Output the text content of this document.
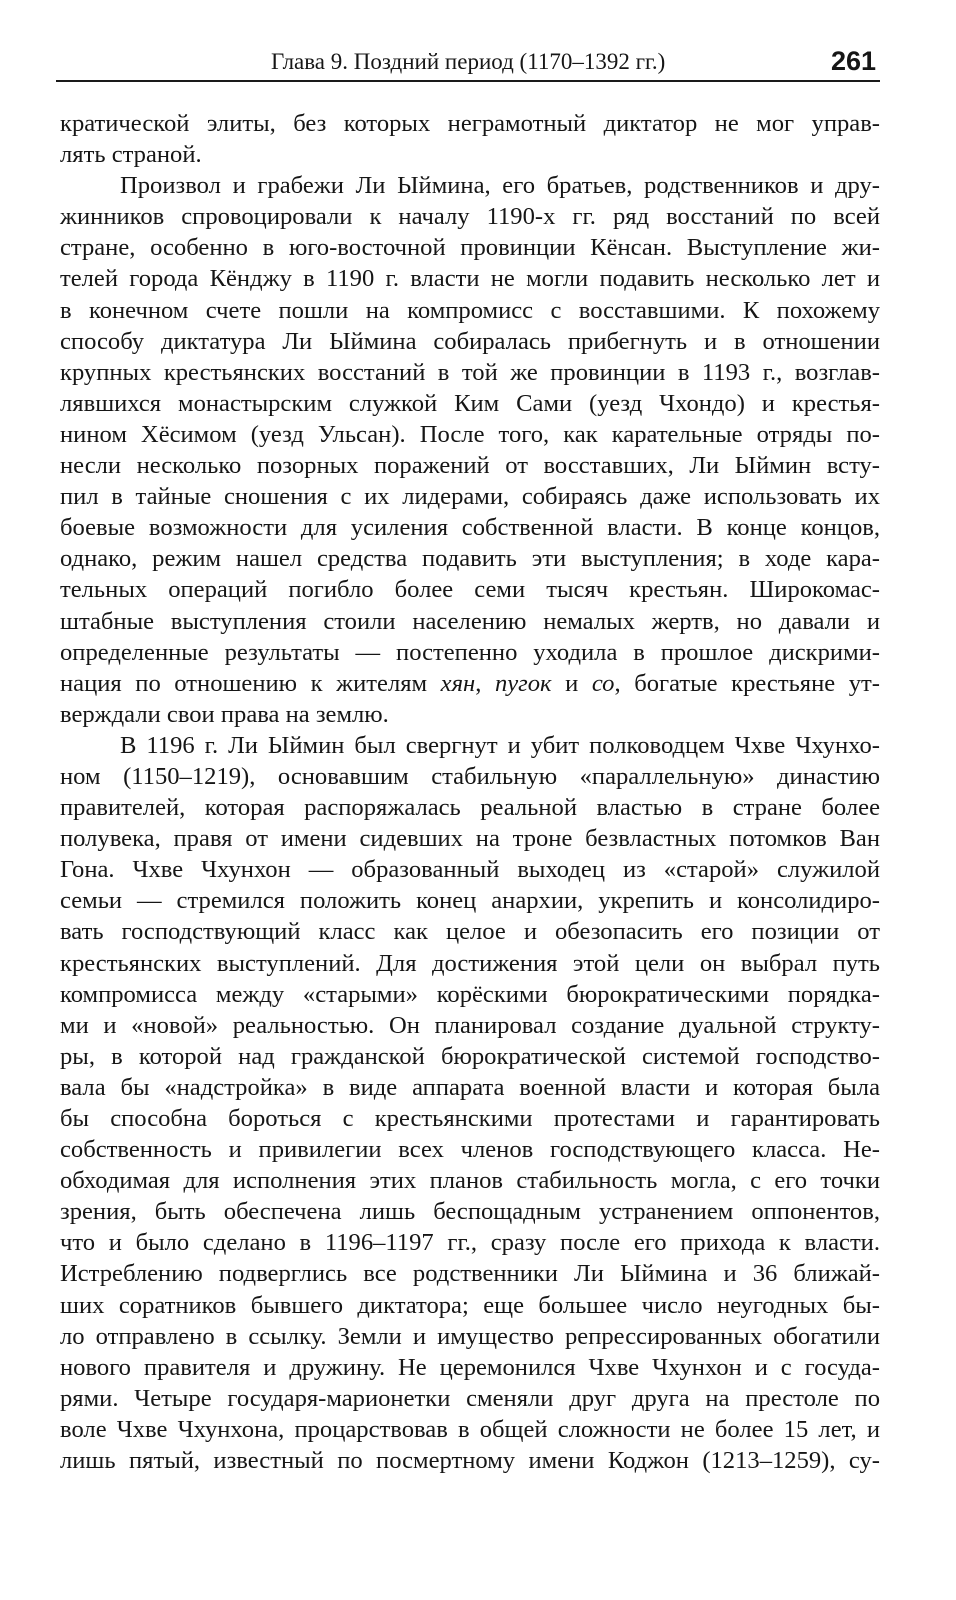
Глава 9. Поздний период (1170–1392 гг.)	261
кратической элиты, без которых неграмотный диктатор не мог управ-
лять страной.
Произвол и грабежи Ли Ыймина, его братьев, родственников и дру-
жинников спровоцировали к началу 1190-х гг. ряд восстаний по всей
стране, особенно в юго-восточной провинции Кёнсан. Выступление жи-
телей города Кёнджу в 1190 г. власти не могли подавить несколько лет и
в конечном счете пошли на компромисс с восставшими. К похожему
способу диктатура Ли Ыймина собиралась прибегнуть и в отношении
крупных крестьянских восстаний в той же провинции в 1193 г., возглав-
лявшихся монастырским служкой Ким Сами (уезд Чхондо) и крестья-
нином Хёсимом (уезд Ульсан). После того, как карательные отряды по-
несли несколько позорных поражений от восставших, Ли Ыймин всту-
пил в тайные сношения с их лидерами, собираясь даже использовать их
боевые возможности для усиления собственной власти. В конце концов,
однако, режим нашел средства подавить эти выступления; в ходе кара-
тельных операций погибло более семи тысяч крестьян. Широкомас-
штабные выступления стоили населению немалых жертв, но давали и
определенные результаты — постепенно уходила в прошлое дискрими-
нация по отношению к жителям хян, пугок и со, богатые крестьяне ут-
верждали свои права на землю.
В 1196 г. Ли Ыймин был свергнут и убит полководцем Чхве Чхунхо-
ном (1150–1219), основавшим стабильную «параллельную» династию
правителей, которая распоряжалась реальной властью в стране более
полувека, правя от имени сидевших на троне безвластных потомков Ван
Гона. Чхве Чхунхон — образованный выходец из «старой» служилой
семьи — стремился положить конец анархии, укрепить и консолидиро-
вать господствующий класс как целое и обезопасить его позиции от
крестьянских выступлений. Для достижения этой цели он выбрал путь
компромисса между «старыми» корёскими бюрократическими порядка-
ми и «новой» реальностью. Он планировал создание дуальной структу-
ры, в которой над гражданской бюрократической системой господство-
вала бы «надстройка» в виде аппарата военной власти и которая была
бы способна бороться с крестьянскими протестами и гарантировать
собственность и привилегии всех членов господствующего класса. Не-
обходимая для исполнения этих планов стабильность могла, с его точки
зрения, быть обеспечена лишь беспощадным устранением оппонентов,
что и было сделано в 1196–1197 гг., сразу после его прихода к власти.
Истреблению подверглись все родственники Ли Ыймина и 36 ближай-
ших соратников бывшего диктатора; еще большее число неугодных бы-
ло отправлено в ссылку. Земли и имущество репрессированных обогатили
нового правителя и дружину. Не церемонился Чхве Чхунхон и с госуда-
рями. Четыре государя-марионетки сменяли друг друга на престоле по
воле Чхве Чхунхона, процарствовав в общей сложности не более 15 лет, и
лишь пятый, известный по посмертному имени Коджон (1213–1259), су-
